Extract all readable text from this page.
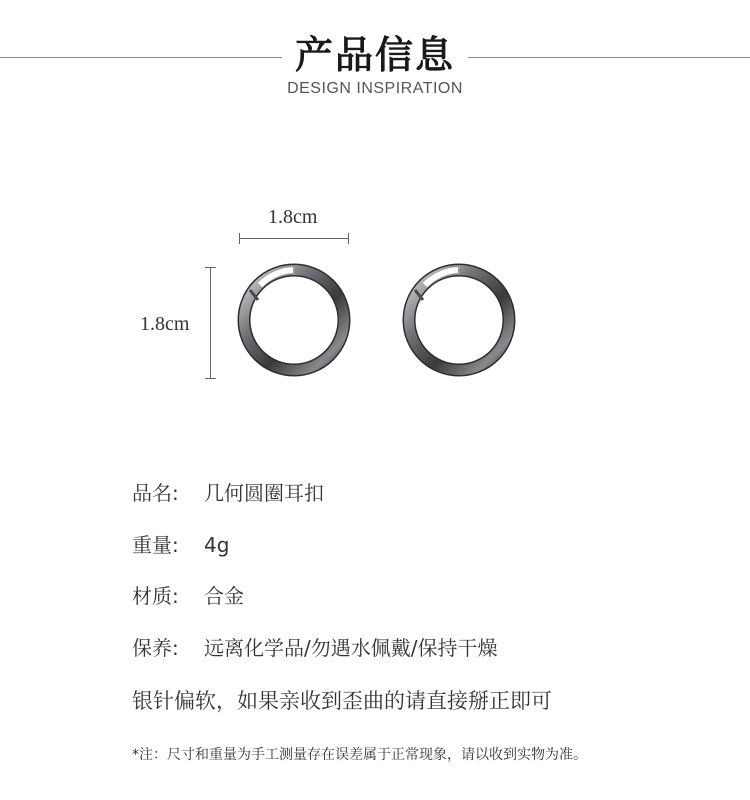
产品信息
DESIGN INSPIRATION
1.8cm
1.8cm
品名: 几何圆圈耳扣
重量: 4g
材质: 合金
保养: 远离化学品/勿遇水佩戴/保持干燥
银针偏软，如果亲收到歪曲的请直接掰正即可
*注：尺寸和重量为手工测量存在误差属于正常现象，请以收到实物为准。
